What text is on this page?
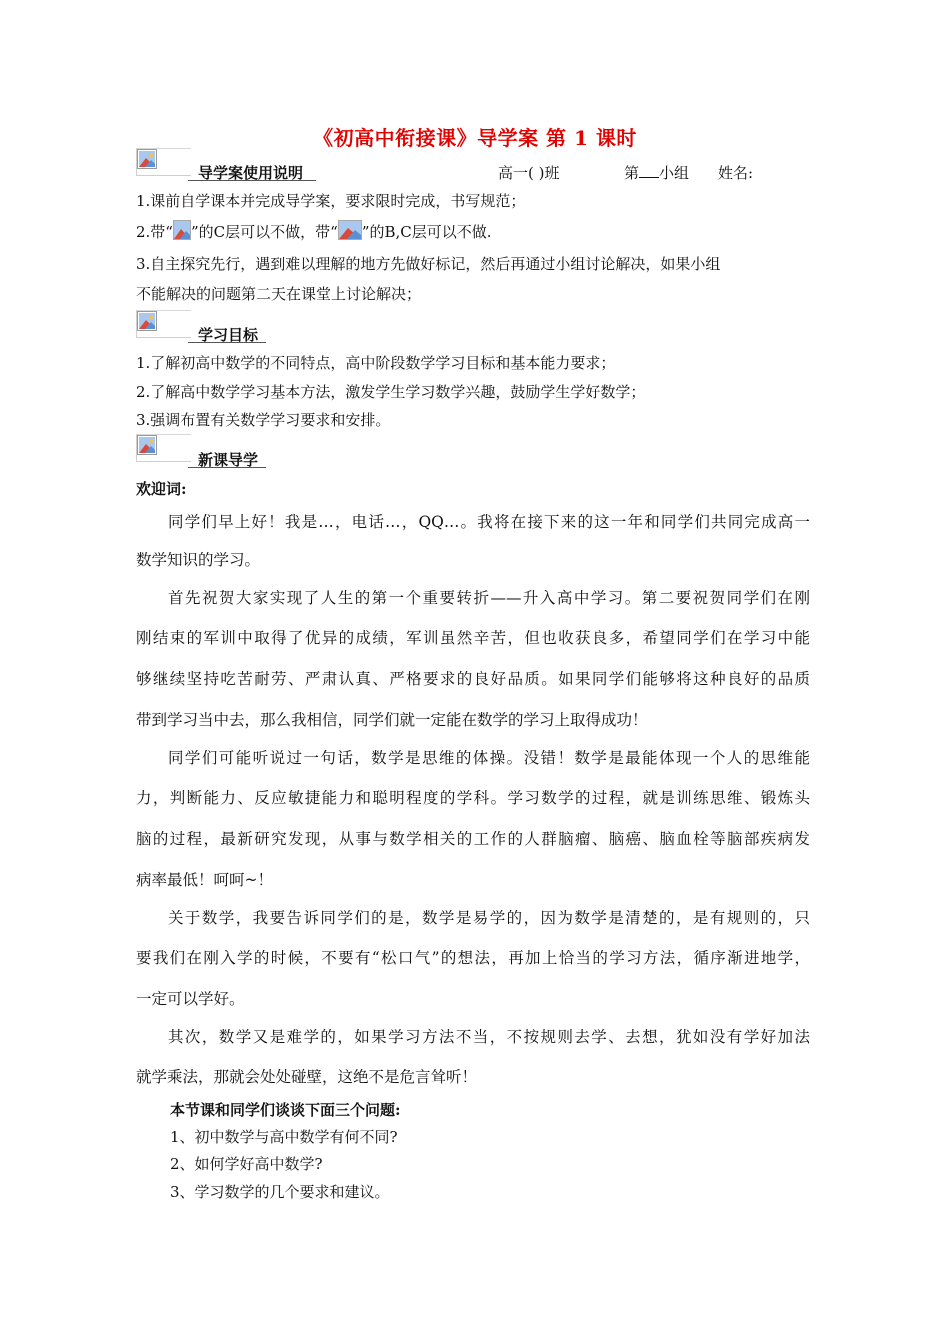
《初高中衔接课》导学案 第 1 课时
导学案使用说明	高一( )班	第 小组 姓名:
1.课前自学课本并完成导学案，要求限时完成，书写规范；
2.带“ ”的C层可以不做，带“ ”的B,C层可以不做.
3.自主探究先行，遇到难以理解的地方先做好标记，然后再通过小组讨论解决，如果小组
不能解决的问题第二天在课堂上讨论解决；
学习目标
1.了解初高中数学的不同特点，高中阶段数学学习目标和基本能力要求；
2.了解高中数学学习基本方法，激发学生学习数学兴趣，鼓励学生学好数学；
3.强调布置有关数学学习要求和安排。
新课导学
欢迎词:
同学们早上好！我是…，电话…，QQ…。我将在接下来的这一年和同学们共同完成高一
数学知识的学习。
首先祝贺大家实现了人生的第一个重要转折——升入高中学习。第二要祝贺同学们在刚
刚结束的军训中取得了优异的成绩，军训虽然辛苦，但也收获良多，希望同学们在学习中能
够继续坚持吃苦耐劳、严肃认真、严格要求的良好品质。如果同学们能够将这种良好的品质
带到学习当中去，那么我相信，同学们就一定能在数学的学习上取得成功！
同学们可能听说过一句话，数学是思维的体操。没错！数学是最能体现一个人的思维能
力，判断能力、反应敏捷能力和聪明程度的学科。学习数学的过程，就是训练思维、锻炼头
脑的过程，最新研究发现，从事与数学相关的工作的人群脑瘤、脑癌、脑血栓等脑部疾病发
病率最低！呵呵~！
关于数学，我要告诉同学们的是，数学是易学的，因为数学是清楚的，是有规则的，只
要我们在刚入学的时候，不要有“松口气”的想法，再加上恰当的学习方法，循序渐进地学，
一定可以学好。
其次，数学又是难学的，如果学习方法不当，不按规则去学、去想，犹如没有学好加法
就学乘法，那就会处处碰壁，这绝不是危言耸听！
本节课和同学们谈谈下面三个问题:
1、初中数学与高中数学有何不同?
2、如何学好高中数学?
3、学习数学的几个要求和建议。
